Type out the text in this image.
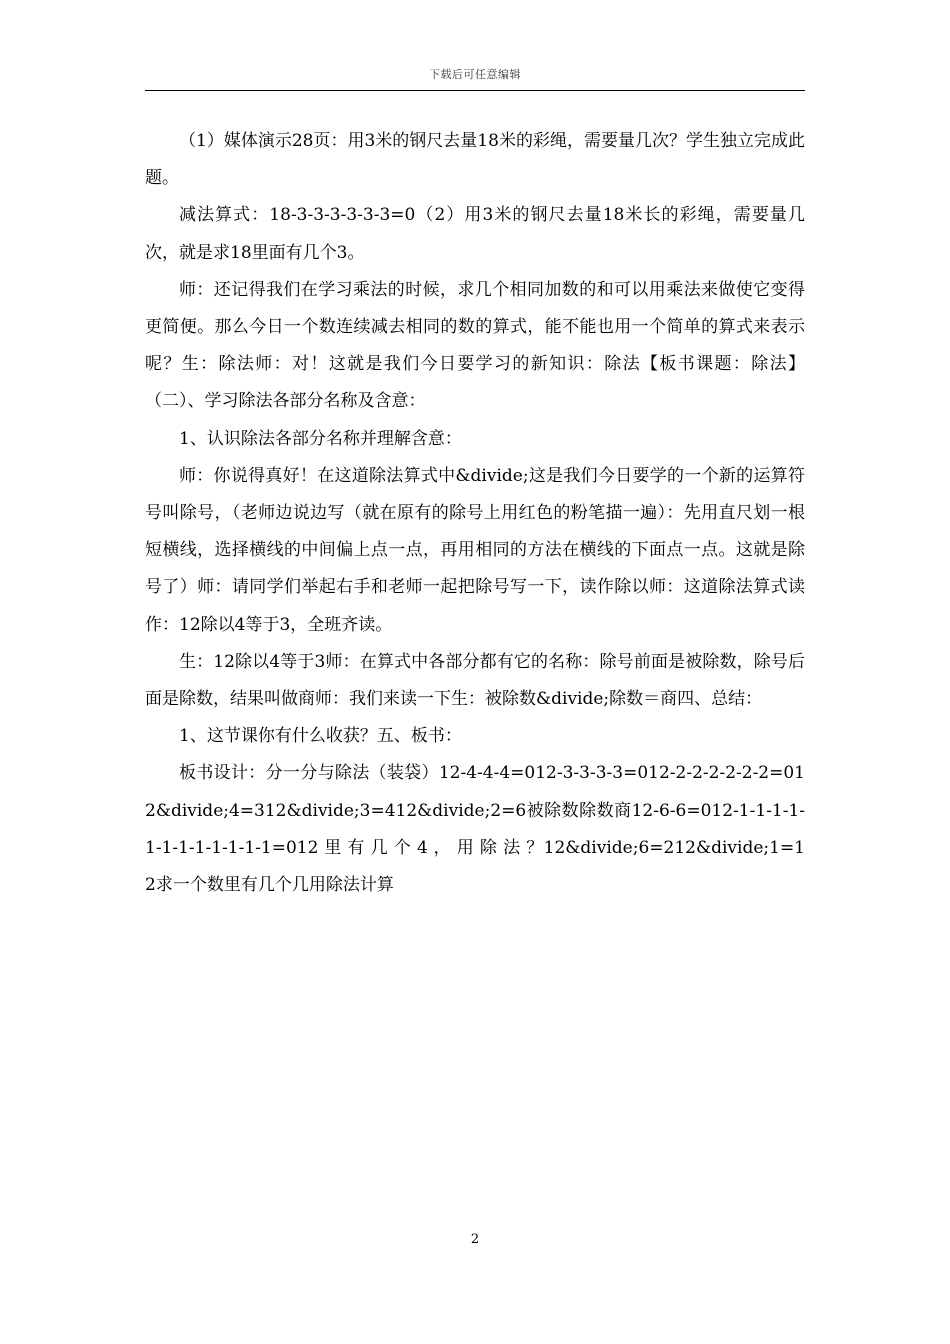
下载后可任意编辑

（1）媒体演示28页：用3米的钢尺去量18米的彩绳，需要量几次？学生独立完成此题。

减法算式：18-3-3-3-3-3-3=0（2）用3米的钢尺去量18米长的彩绳，需要量几次，就是求18里面有几个3。

师：还记得我们在学习乘法的时候，求几个相同加数的和可以用乘法来做使它变得更简便。那么今日一个数连续减去相同的数的算式，能不能也用一个简单的算式来表示呢？生：除法师：对！这就是我们今日要学习的新知识：除法【板书课题：除法】（二）、学习除法各部分名称及含意：

1、认识除法各部分名称并理解含意：

师：你说得真好！在这道除法算式中&divide;这是我们今日要学的一个新的运算符号叫除号，（老师边说边写（就在原有的除号上用红色的粉笔描一遍）：先用直尺划一根短横线，选择横线的中间偏上点一点，再用相同的方法在横线的下面点一点。这就是除号了）师：请同学们举起右手和老师一起把除号写一下，读作除以师：这道除法算式读作：12除以4等于3，全班齐读。

生：12除以4等于3师：在算式中各部分都有它的名称：除号前面是被除数，除号后面是除数，结果叫做商师：我们来读一下生：被除数&divide;除数＝商四、总结：

1、这节课你有什么收获？五、板书：

板书设计：分一分与除法（装袋）12-4-4-4=012-3-3-3-3=012-2-2-2-2-2-2=012&divide;4=312&divide;3=412&divide;2=6被除数除数商12-6-6=012-1-1-1-1-1-1-1-1-1-1-1-1=012 里 有 几 个 4 ， 用 除 法 ？12&divide;6=212&divide;1=12求一个数里有几个几用除法计算

2
